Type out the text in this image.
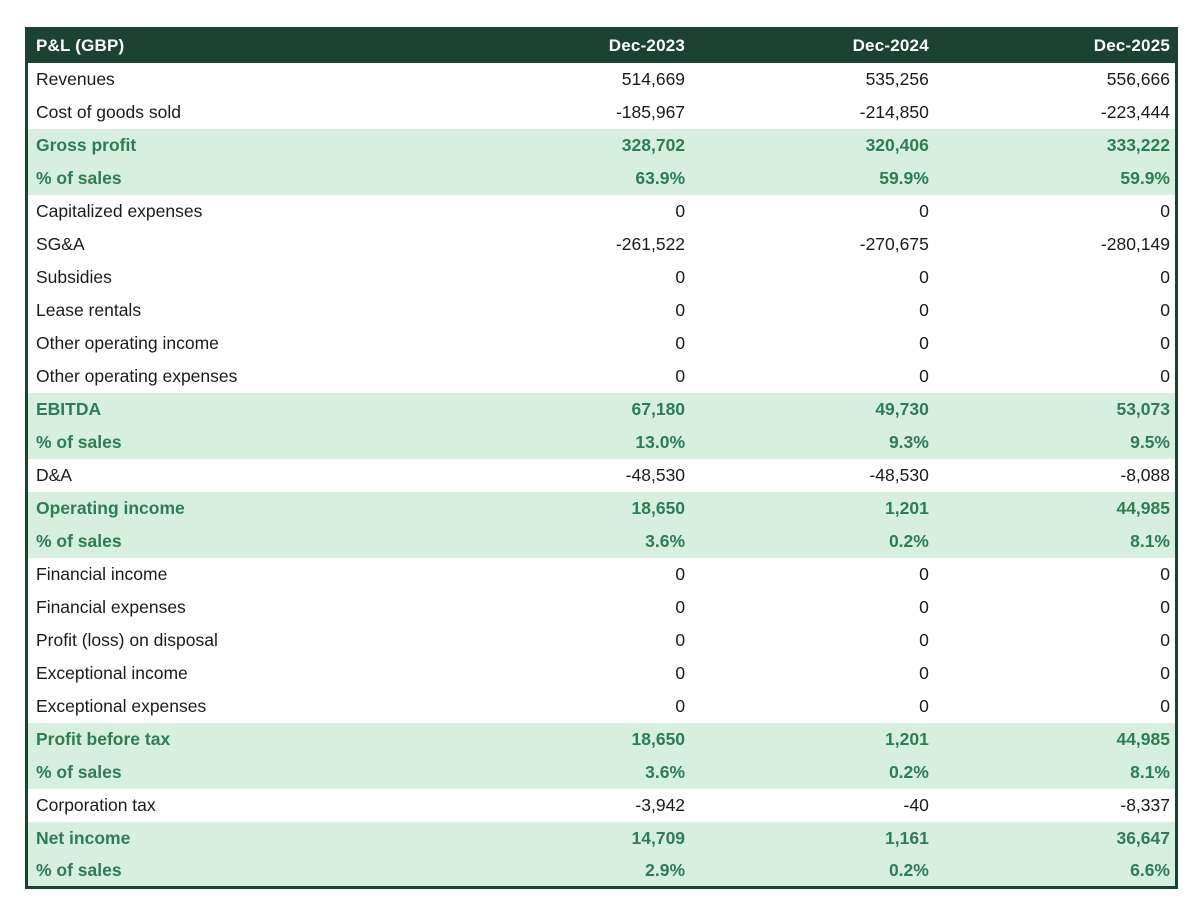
P&L (GBP)	Dec-2023	Dec-2024	Dec-2025
Revenues	514,669	535,256	556,666
Cost of goods sold	-185,967	-214,850	-223,444
Gross profit	328,702	320,406	333,222
% of sales	63.9%	59.9%	59.9%
Capitalized expenses	0	0	0
SG&A	-261,522	-270,675	-280,149
Subsidies	0	0	0
Lease rentals	0	0	0
Other operating income	0	0	0
Other operating expenses	0	0	0
EBITDA	67,180	49,730	53,073
% of sales	13.0%	9.3%	9.5%
D&A	-48,530	-48,530	-8,088
Operating income	18,650	1,201	44,985
% of sales	3.6%	0.2%	8.1%
Financial income	0	0	0
Financial expenses	0	0	0
Profit (loss) on disposal	0	0	0
Exceptional income	0	0	0
Exceptional expenses	0	0	0
Profit before tax	18,650	1,201	44,985
% of sales	3.6%	0.2%	8.1%
Corporation tax	-3,942	-40	-8,337
Net income	14,709	1,161	36,647
% of sales	2.9%	0.2%	6.6%
